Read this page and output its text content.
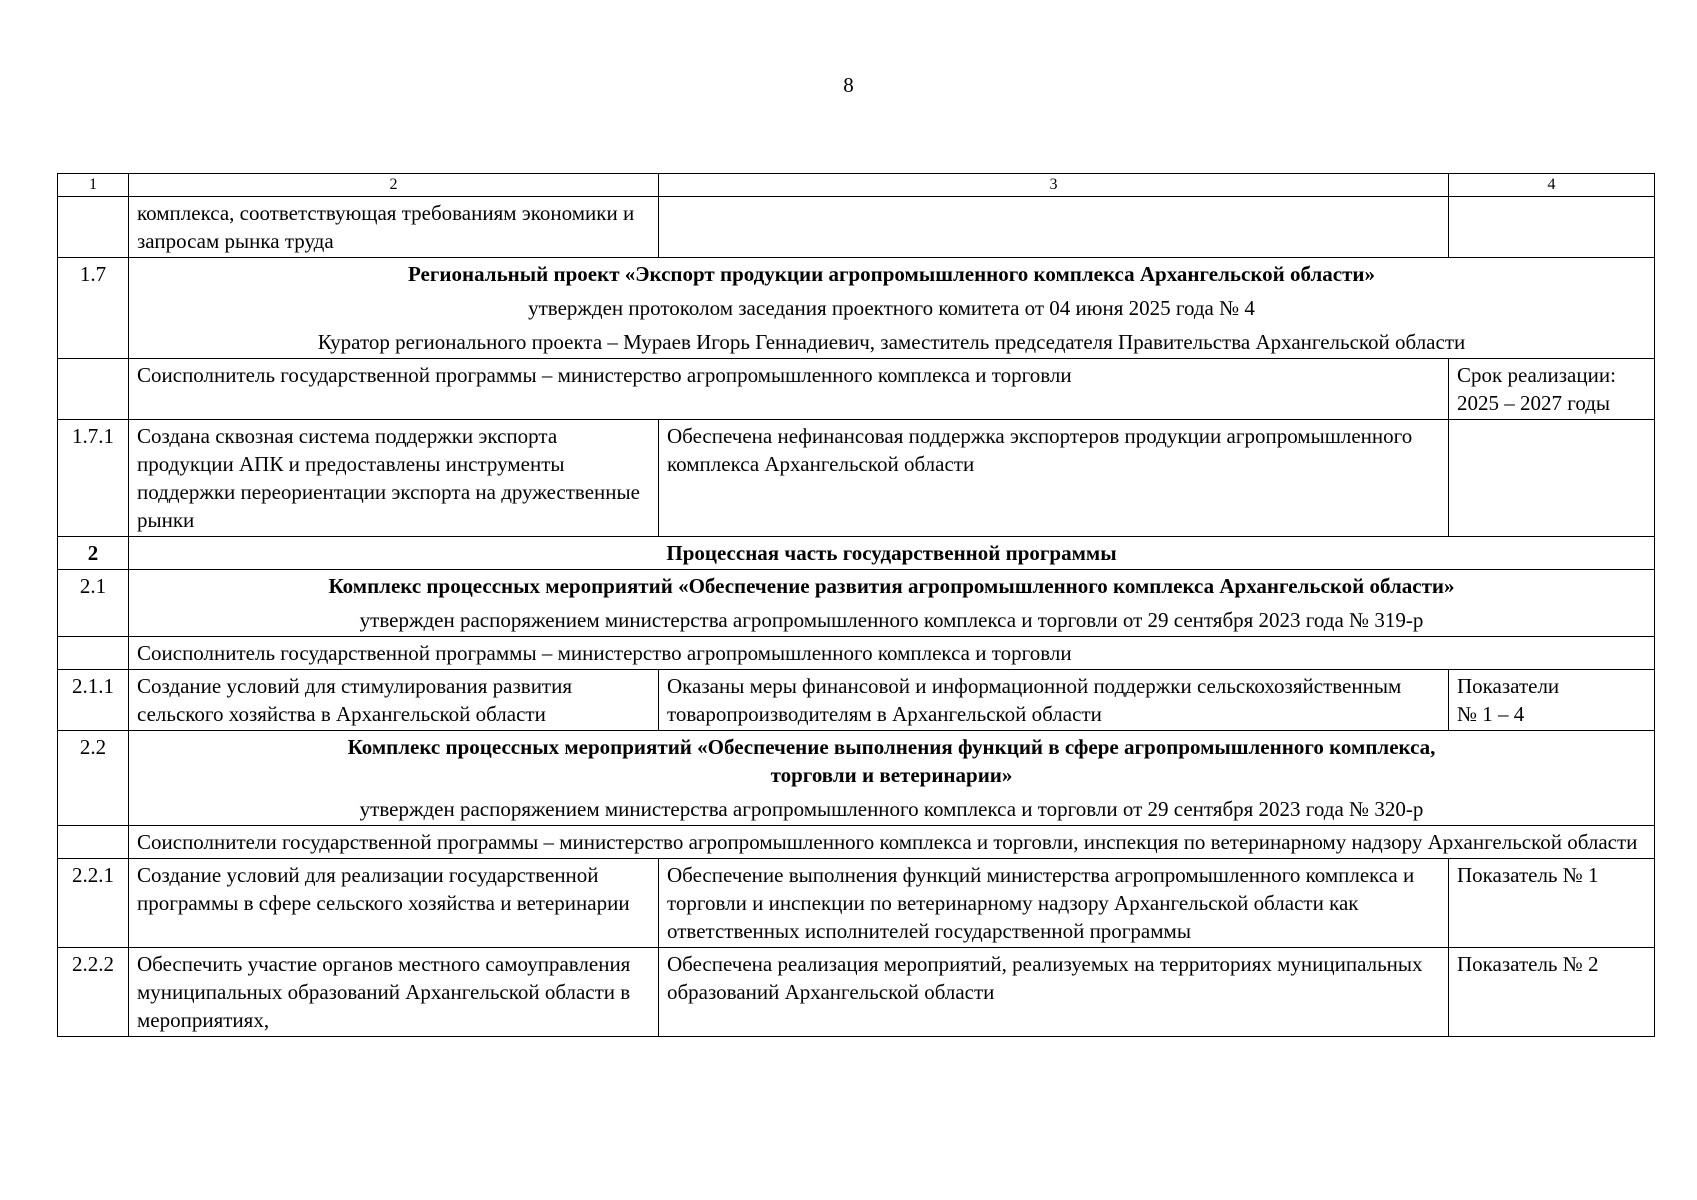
8
1	2	3	4
	комплекса, соответствующая требованиям экономики и запросам рынка труда		
1.7	Региональный проект «Экспорт продукции агропромышленного комплекса Архангельской области»
утвержден протоколом заседания проектного комитета от 04 июня 2025 года № 4
Куратор регионального проекта – Мураев Игорь Геннадиевич, заместитель председателя Правительства Архангельской области		

	Соисполнитель государственной программы – министерство агропромышленного комплекса и торговли		Срок реализации: 2025 – 2027 годы
1.7.1	Создана сквозная система поддержки экспорта продукции АПК и предоставлены инструменты поддержки переориентации экспорта на дружественные рынки	Обеспечена нефинансовая поддержка экспортеров продукции агропромышленного комплекса Архангельской области	
2	Процессная часть государственной программы		
2.1	Комплекс процессных мероприятий «Обеспечение развития агропромышленного комплекса Архангельской области»
утвержден распоряжением министерства агропромышленного комплекса и торговли от 29 сентября 2023 года № 319-р		

	Соисполнитель государственной программы – министерство агропромышленного комплекса и торговли		
2.1.1	Создание условий для стимулирования развития сельского хозяйства в Архангельской области	Оказаны меры финансовой и информационной поддержки сельскохозяйственным товаропроизводителям в Архангельской области	Показатели
№ 1 – 4

2.2	Комплекс процессных мероприятий «Обеспечение выполнения функций в сфере агропромышленного комплекса,
торговли и ветеринарии»
утвержден распоряжением министерства агропромышленного комплекса и торговли от 29 сентября 2023 года № 320-р		

	Соисполнители государственной программы – министерство агропромышленного комплекса и торговли, инспекция по ветеринарному надзору Архангельской области		
2.2.1	Создание условий для реализации государственной программы в сфере сельского хозяйства и ветеринарии	Обеспечение выполнения функций министерства агропромышленного комплекса и торговли и инспекции по ветеринарному надзору Архангельской области как ответственных исполнителей государственной программы	Показатель № 1
2.2.2	Обеспечить участие органов местного самоуправления муниципальных образований Архангельской области в мероприятиях,	Обеспечена реализация мероприятий, реализуемых на территориях муниципальных образований Архангельской области	Показатель № 2
